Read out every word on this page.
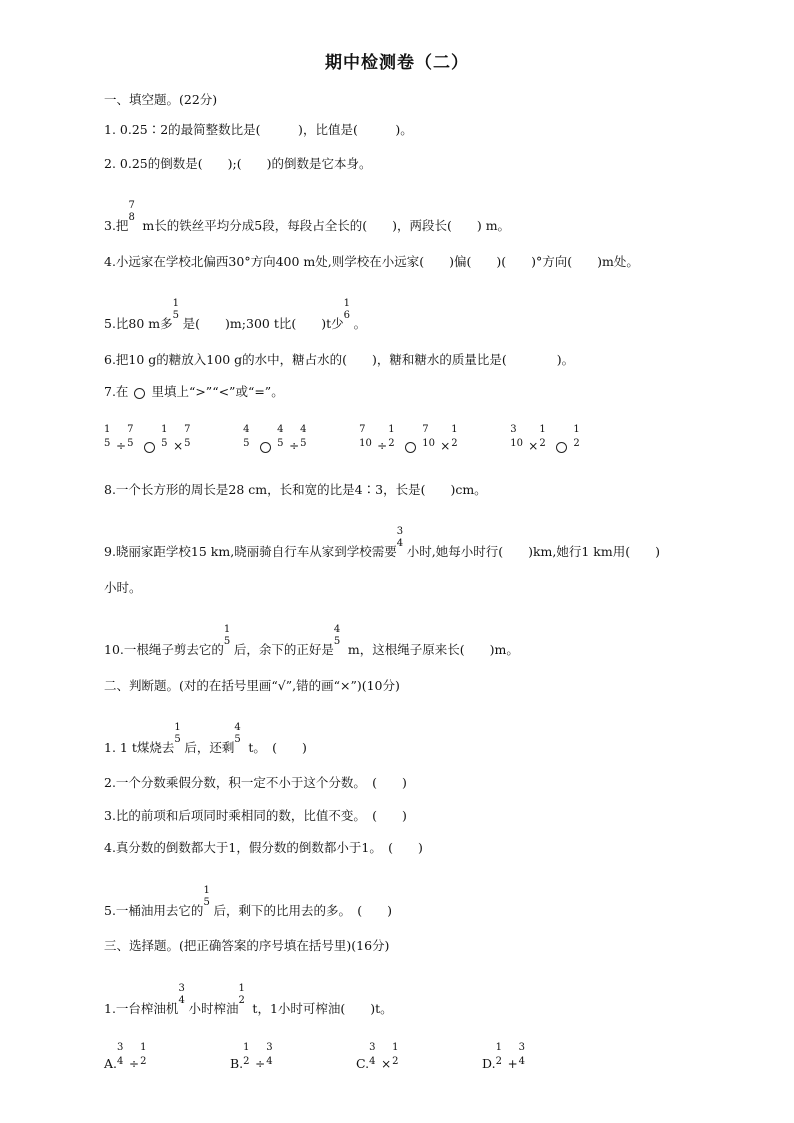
期中检测卷（二）
一、填空题。(22分)
1. 0.25∶2的最简整数比是(　　　)，比值是(　　　)。
2. 0.25的倒数是(　　);(　　)的倒数是它本身。
3.把
7
8
m长的铁丝平均分成5段，每段占全长的(　　)，两段长(　　) m。
4.小远家在学校北偏西30°方向400 m处,则学校在小远家(　　)偏(　　)(　　)°方向(　　)m处。
5.比80 m多
1
5
是(　　)m;300 t比(　　)t少
1
6
。
6.把10 g的糖放入100 g的水中，糖占水的(　　)，糖和糖水的质量比是(　　　　)。
7.在 里填上“>”“<”或“=”。
1
5 ÷
7
5
1
5 ×
7
5

4
5
4
5 ÷
4
5

7
10 ÷
1
2
7
10 ×
1
2

3
10 ×
1
2
1
2
8.一个长方形的周长是28 cm，长和宽的比是4∶3，长是(　　)cm。
9.晓丽家距学校15 km,晓丽骑自行车从家到学校需要
3
4
小时,她每小时行(　　)km,她行1 km用(　　)
小时。
10.一根绳子剪去它的
1
5
后，余下的正好是
4
5
m，这根绳子原来长(　　)m。
二、判断题。(对的在括号里画“√”,错的画“×”)(10分)
1. 1 t煤烧去
1
5
后，还剩
4
5
t。　(　　)
2.一个分数乘假分数，积一定不小于这个分数。　(　　)
3.比的前项和后项同时乘相同的数，比值不变。　(　　)
4.真分数的倒数都大于1，假分数的倒数都小于1。　(　　)
5.一桶油用去它的
1
5
后，剩下的比用去的多。　(　　)
三、选择题。(把正确答案的序号填在括号里)(16分)
1.一台榨油机
3
4
小时榨油
1
2
t，1小时可榨油(　　)t。
A.
3
4 ÷
1
2	B.
1
2 ÷
3
4	C.
3
4 ×
1
2	D.
1
2 +
3
4
